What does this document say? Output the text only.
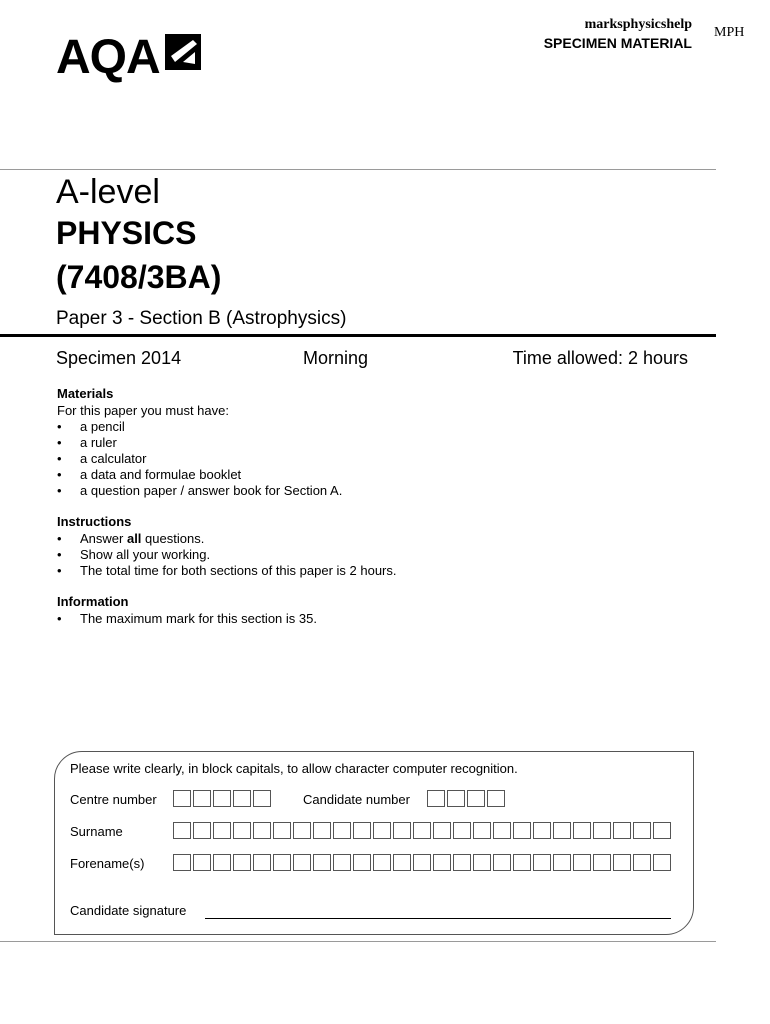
marksphysicshelp
SPECIMEN MATERIAL
MPH
AQA
A-level
PHYSICS
(7408/3BA)
Paper 3 - Section B (Astrophysics)
Specimen 2014	Morning	Time allowed: 2 hours
Materials
For this paper you must have:
• a pencil
• a ruler
• a calculator
• a data and formulae booklet
• a question paper / answer book for Section A.
Instructions
• Answer all questions.
• Show all your working.
• The total time for both sections of this paper is 2 hours.
Information
• The maximum mark for this section is 35.
Please write clearly, in block capitals, to allow character computer recognition.
Centre number	Candidate number
Surname
Forename(s)
Candidate signature
